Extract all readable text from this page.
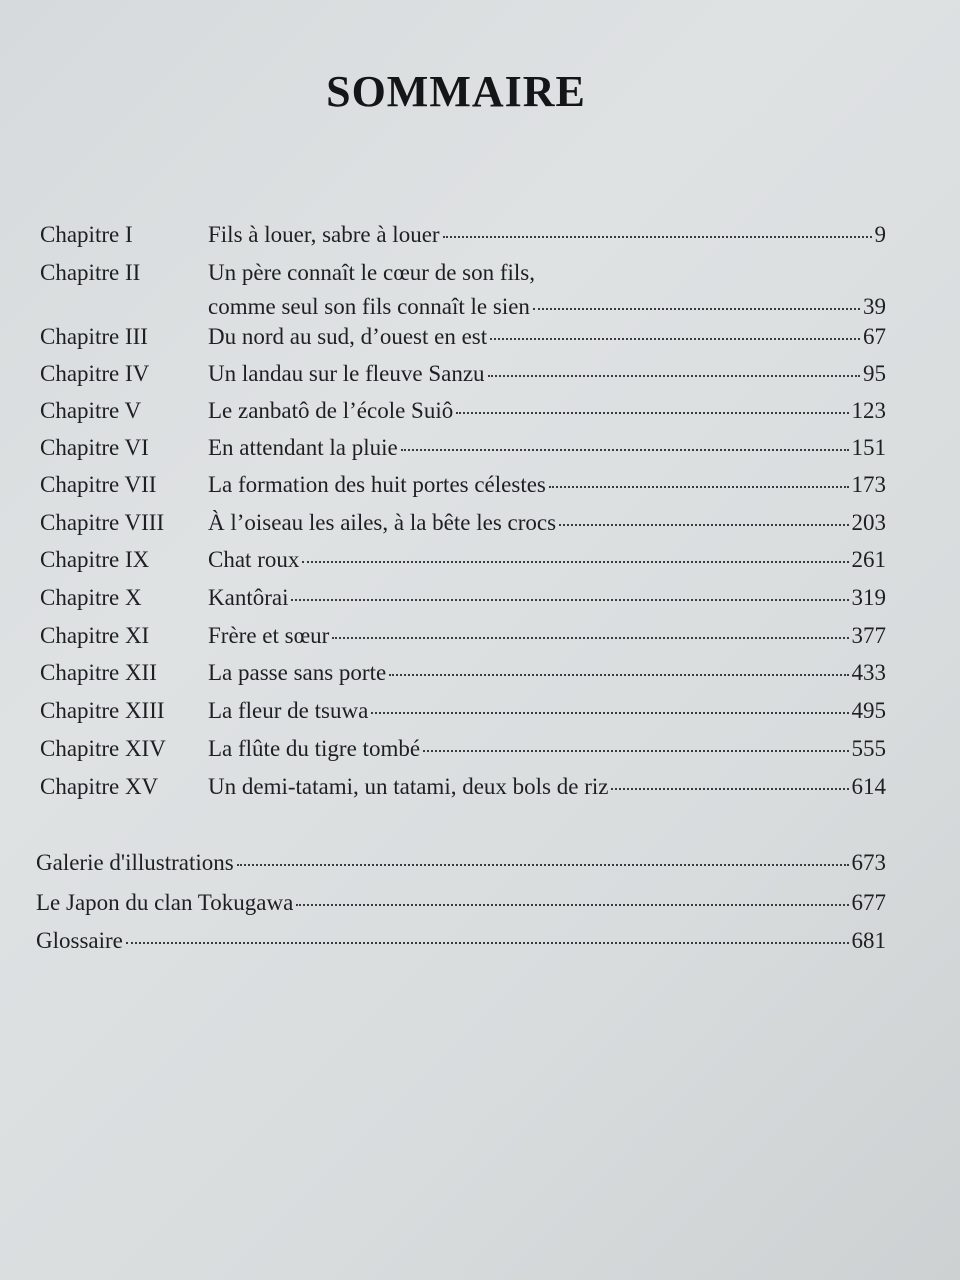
SOMMAIRE
Chapitre I	Fils à louer, sabre à louer	9
Chapitre II	Un père connaît le cœur de son fils,
comme seul son fils connaît le sien	39
Chapitre III	Du nord au sud, d’ouest en est	67
Chapitre IV	Un landau sur le fleuve Sanzu	95
Chapitre V	Le zanbatô de l’école Suiô	123
Chapitre VI	En attendant la pluie	151
Chapitre VII La formation des huit portes célestes	173
Chapitre VIII À l’oiseau les ailes, à la bête les crocs	203
Chapitre IX	Chat roux	261
Chapitre X	Kantôrai	319
Chapitre XI	Frère et sœur	377
Chapitre XII La passe sans porte	433
Chapitre XIII La fleur de tsuwa	495
Chapitre XIV La flûte du tigre tombé	555
Chapitre XV Un demi-tatami, un tatami, deux bols de riz	614
Galerie d'illustrations	673
Le Japon du clan Tokugawa	677
Glossaire	681
